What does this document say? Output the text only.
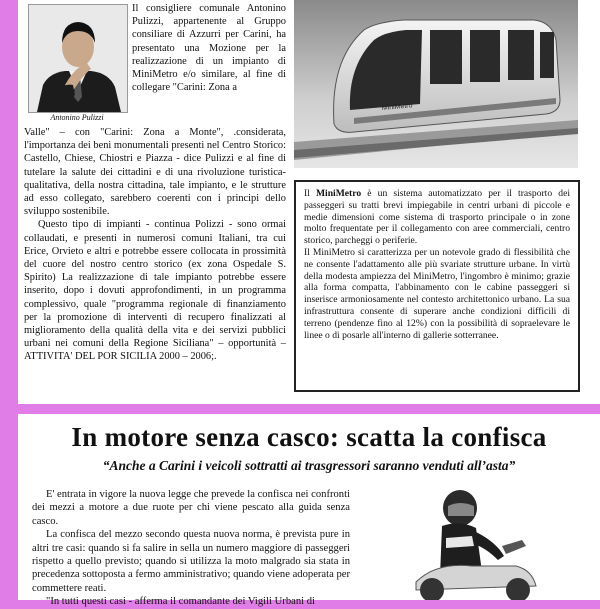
Antonino Pulizzi
Il consigliere comunale Antonino Pulizzi, appartenente al Gruppo consiliare di Azzurri per Carini, ha presentato una Mozione per la realizzazione di un impianto di MiniMetro e/o similare, al fine di collegare "Carini: Zona a

Valle" – con "Carini: Zona a Monte", .considerata, l'importanza dei beni monumentali presenti nel Centro Storico: Castello, Chiese, Chiostri e Piazza - dice Pulizzi e al fine di tutelare la salute dei cittadini e di una rivoluzione turistica-qualitativa, della nostra cittadina, tale impianto, e le strutture ad esso collegato, sarebbero coerenti con i principi dello sviluppo sostenibile.

Questo tipo di impianti - continua Polizzi - sono ormai collaudati, e presenti in numerosi comuni Italiani, tra cui Erice, Orvieto e altri e potrebbe essere collocata in prossimità del cuore del nostro centro storico (ex zona Ospedale S. Spirito) La realizzazione di tale impianto potrebbe essere inserito, dopo i dovuti approfondimenti, in un programma complessivo, quale "programma regionale di finanziamento per la promozione di interventi di recupero finalizzati al miglioramento della qualità della vita e dei servizi pubblici urbani nei comuni della Regione Siciliana" – opportunità – ATTIVITA' DEL POR SICILIA 2000 – 2006;.

MiniMetro

Il MiniMetro è un sistema automatizzato per il trasporto dei passeggeri su tratti brevi impiegabile in centri urbani di piccole e medie dimensioni come sistema di trasporto principale o in zone molto frequentate per il collegamento con aree commerciali, centro storico, parcheggi o periferie.

Il MiniMetro si caratterizza per un notevole grado di flessibilità che ne consente l'adattamento alle più svariate strutture urbane. In virtù della modesta ampiezza del MiniMetro, l'ingombro è minimo; grazie alla forma compatta, l'abbinamento con le cabine passeggeri si inserisce armoniosamente nel contesto architettonico urbano. La sua infrastruttura consente di superare anche condizioni difficili di terreno (pendenze fino al 12%) con la possibilità di sopraelevare le linee o di posarle all'interno di gallerie sotterranee.

In motore senza casco: scatta la confisca
“Anche a Carini i veicoli sottratti ai trasgressori saranno venduti all’asta”

E' entrata in vigore la nuova legge che prevede la confisca nei confronti dei mezzi a motore a due ruote per chi viene pescato alla guida senza casco.

La confisca del mezzo secondo questa nuova norma, è prevista pure in altri tre casi: quando si fa salire in sella un numero maggiore di passeggeri rispetto a quello previsto; quando si utilizza la moto malgrado sia stata in precedenza sottoposta a fermo amministrativo; quando viene adoperata per commettere reati.

"In tutti questi casi - afferma il comandante dei Vigili Urbani di
